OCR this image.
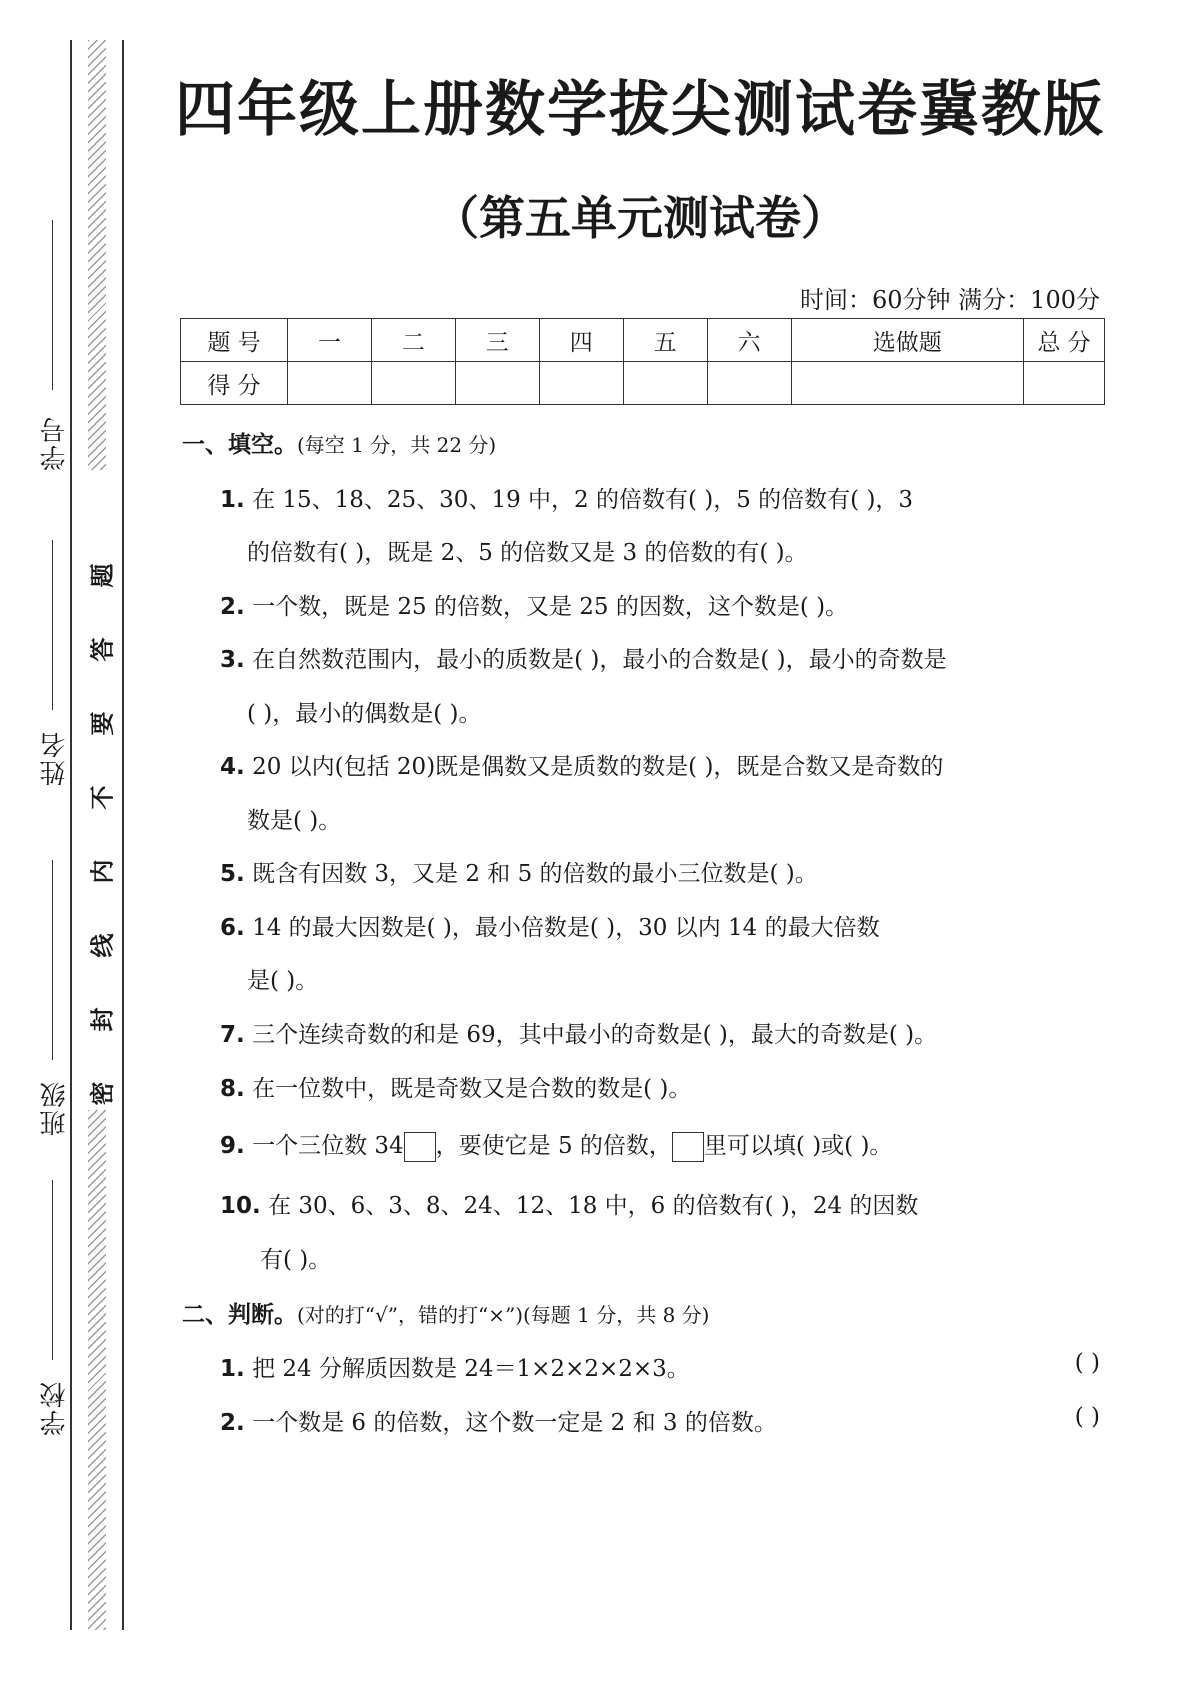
学号
姓名
班级
学校
题
答
要
不
内
线
封
密
四年级上册数学拔尖测试卷冀教版
（第五单元测试卷）
时间：60分钟 满分：100分
题 号	一	二	三	四	五	六	选做题	总 分
得 分								
一、填空。(每空 1 分，共 22 分)
1. 在 15、18、25、30、19 中，2 的倍数有( )，5 的倍数有( )，3
的倍数有( )，既是 2、5 的倍数又是 3 的倍数的有( )。
2. 一个数，既是 25 的倍数，又是 25 的因数，这个数是( )。
3. 在自然数范围内，最小的质数是( )，最小的合数是( )，最小的奇数是
( )，最小的偶数是( )。
4. 20 以内(包括 20)既是偶数又是质数的数是( )，既是合数又是奇数的
数是( )。
5. 既含有因数 3，又是 2 和 5 的倍数的最小三位数是( )。
6. 14 的最大因数是( )，最小倍数是( )，30 以内 14 的最大倍数
是( )。
7. 三个连续奇数的和是 69，其中最小的奇数是( )，最大的奇数是( )。
8. 在一位数中，既是奇数又是合数的数是( )。
9. 一个三位数 34 ，要使它是 5 的倍数， 里可以填( )或( )。
10. 在 30、6、3、8、24、12、18 中，6 的倍数有( )，24 的因数
有( )。
二、判断。(对的打“√”，错的打“×”)(每题 1 分，共 8 分)
1. 把 24 分解质因数是 24＝1×2×2×2×3。	( )
2. 一个数是 6 的倍数，这个数一定是 2 和 3 的倍数。	( )
